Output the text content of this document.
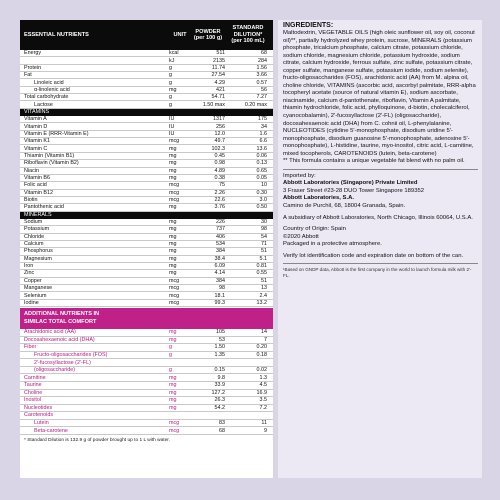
ESSENTIAL NUTRIENTS	UNIT
POWDER
(per 100 g)
STANDARD
DILUTION*
(per 100 mL)
Energy	kcal	511	68
kJ	2135	284
Protein	g	11.74	1.56
Fat	g	27.54	3.66
Linoleic acid	g	4.29	0.57
α-linolenic acid	mg	421	56
Total carbohydrate	g	54.71	7.27
Lactose	g	1.50 max	0.20 max
VITAMINS
Vitamin A	IU	1317	175
Vitamin D	IU	256	34
Vitamin E (RRR-Vitamin E)	IU	12.0	1.6
Vitamin K1	mcg	49.7	6.6
Vitamin C	mg	102.3	13.6
Thiamin (Vitamin B1)	mg	0.45	0.06
Riboflavin (Vitamin B2)	mg	0.98	0.13
Niacin	mg	4.89	0.65
Vitamin B6	mg	0.38	0.05
Folic acid	mcg	75	10
Vitamin B12	mcg	2.26	0.30
Biotin	mcg	22.6	3.0
Pantothenic acid	mg	3.76	0.50
MINERALS
Sodium	mg	226	30
Potassium	mg	737	98
Chloride	mg	406	54
Calcium	mg	534	71
Phosphorus	mg	384	51
Magnesium	mg	38.4	5.1
Iron	mg	6.09	0.81
Zinc	mg	4.14	0.55
Copper	mcg	384	51
Manganese	mcg	98	13
Selenium	mcg	18.1	2.4
Iodine	mcg	99.3	13.2
ADDITIONAL NUTRIENTS IN
SIMILAC TOTAL COMFORT
Arachidonic acid (AA)	mg	105	14
Docosahexaenoic acid (DHA)	mg	53	7
Fiber	g	1.50	0.20
Fructo-oligosaccharides (FOS)	g	1.35	0.18
2'-fucosyllactose (2'-FL)
(oligosaccharide)	g	0.15	0.02
Carnitine	mg	9.8	1.3
Taurine	mg	33.9	4.5
Choline	mg	127.2	16.9
Inositol	mg	26.3	3.5
Nucleotides	mg	54.2	7.2
Carotenoids
Lutein	mcg	83	11
Beta-carotene	mcg	68	9
* Standard Dilution is 132.9 g of powder brought up to 1 L with water.
INGREDIENTS:
Maltodextrin, VEGETABLE OILS (high oleic sunflower oil, soy oil, coconut oil)**, partially hydrolyzed whey protein, sucrose, MINERALS (potassium phosphate, tricalcium phosphate, calcium citrate, potassium chloride, sodium chloride, magnesium chloride, potassium hydroxide, sodium citrate, calcium hydroxide, ferrous sulfate, zinc sulfate, potassium citrate, copper sulfate, manganese sulfate, potassium iodide, sodium selenite), fructo-oligosaccharides (FOS), arachidonic acid (AA) from M. alpina oil, choline chloride, VITAMINS (ascorbic acid, ascorbyl palmitate, RRR-alpha tocopheryl acetate (source of natural vitamin E), sodium ascorbate, niacinamide, calcium d-pantothenate, riboflavin, Vitamin A palmitate, thiamin hydrochloride, folic acid, phylloquinone, d-biotin, cholecalciferol, cyanocobalamin), 2'-fucosyllactose (2'-FL) (oligosaccharide), docosahexaenoic acid (DHA) from C. cohnii oil, L-phenylalanine, NUCLEOTIDES (cytidine 5'-monophosphate, disodium uridine 5'-monophosphate, disodium guanosine 5'-monophosphate, adenosine 5'-monophosphate), L-histidine, taurine, myo-inositol, citric acid, L-carnitine, mixed tocopherols, CAROTENOIDS (lutein, beta-carotene)
** This formula contains a unique vegetable fat blend with no palm oil.
Imported by:
Abbott Laboratories (Singapore) Private Limited
3 Fraser Street #23-28 DUO Tower Singapore 189352
Abbott Laboratories, S.A.
Camino de Purchil, 68, 18004 Granada, Spain.
A subsidiary of Abbott Laboratories, North Chicago, Illinois 60064, U.S.A.
Country of Origin: Spain
©2020 Abbott
Packaged in a protective atmosphere.
Verify lot identification code and expiration date on bottom of the can.
¹Based on GNDP data, Abbott is the first company in the world to launch formula milk with 2'-FL.
